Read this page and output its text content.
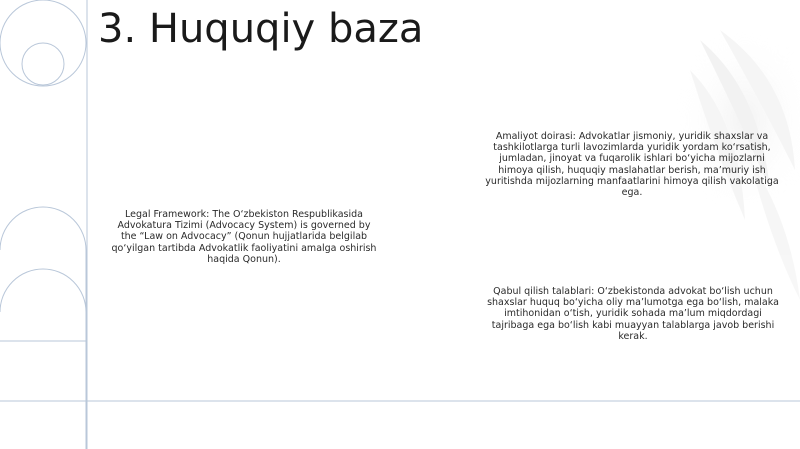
3. Huquqiy baza
Legal Framework: The O‘zbekiston Respublikasida Advokatura Tizimi (Advocacy System) is governed by the “Law on Advocacy” (Qonun hujjatlarida belgilab qo‘yilgan tartibda Advokatlik faoliyatini amalga oshirish haqida Qonun).
Amaliyot doirasi: Advokatlar jismoniy, yuridik shaxslar va tashkilotlarga turli lavozimlarda yuridik yordam ko‘rsatish, jumladan, jinoyat va fuqarolik ishlari bo‘yicha mijozlarni himoya qilish, huquqiy maslahatlar berish, ma’muriy ish yuritishda mijozlarning manfaatlarini himoya qilish vakolatiga ega.
Qabul qilish talablari: O‘zbekistonda advokat bo‘lish uchun shaxslar huquq bo‘yicha oliy ma’lumotga ega bo‘lish, malaka imtihonidan o‘tish, yuridik sohada ma’lum miqdordagi tajribaga ega bo‘lish kabi muayyan talablarga javob berishi kerak.
